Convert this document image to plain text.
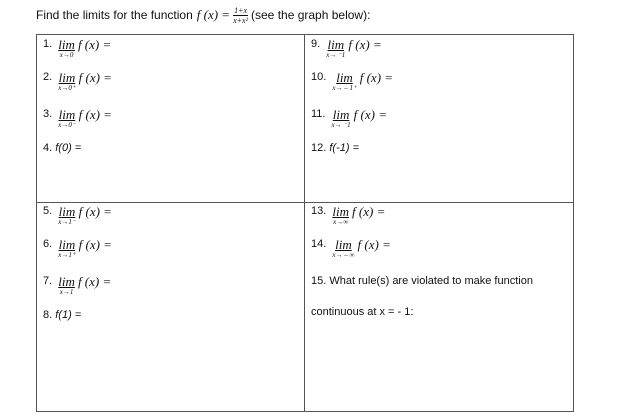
Find the limits for the function f $(x) = \frac{1+x}{\text{x+x²}} (see$ the graph below):
1. lim
x→0
f (x) =
2. lim
x→0⁺
f (x) =
3. lim
x→0⁻
f (x) =
4. f(0) =
9. lim
x→ ⁻1
f (x) =
10. lim
x→ – 1⁺
f (x) =
11. lim
x→ ⁻1
f (x) =
12. f(-1) =
5. lim
x→1⁻
f (x) =
6. lim
x→1⁺
f (x) =
7. lim
x→1
f (x) =
8. f(1) =
13. lim
x→∞
f (x) =
14. lim
x→ – ∞
f (x) =
15. What rule(s) are violated to make function
continuous at x = - 1:
